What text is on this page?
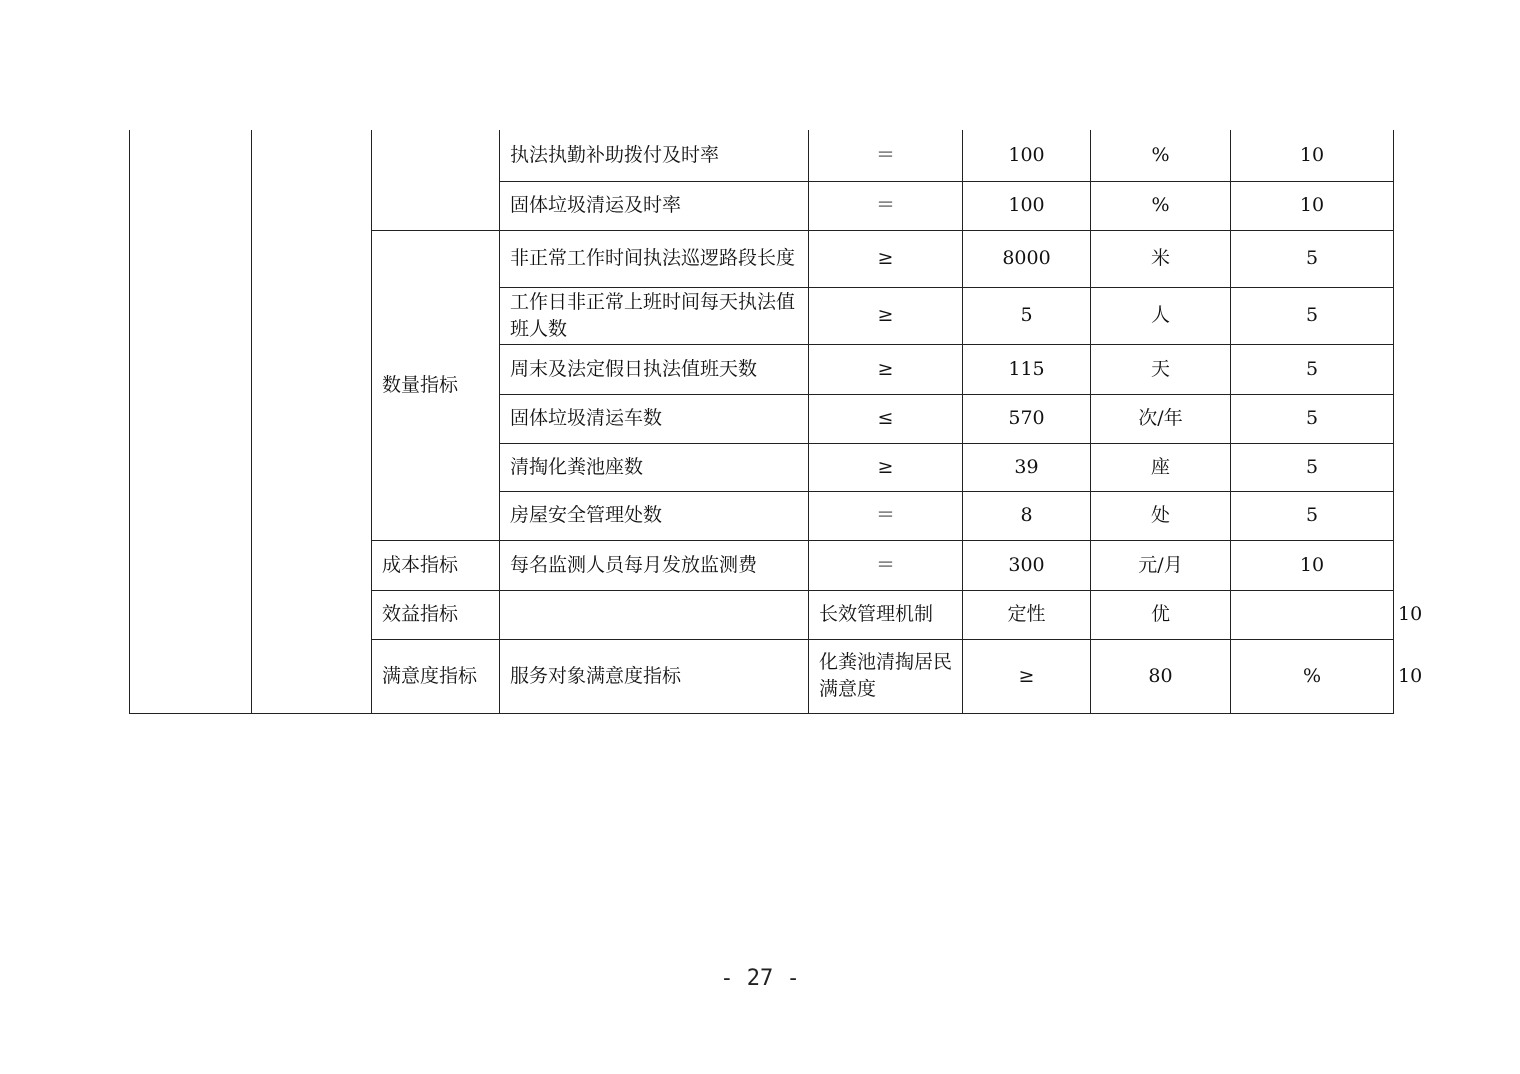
			执法执勤补助拨付及时率	＝	100	%	10	
			固体垃圾清运及时率	＝	100	%	10	
		数量指标	非正常工作时间执法巡逻路段长度	≥	8000	米	5	
			工作日非正常上班时间每天执法值班人数	≥	5	人	5	
			周末及法定假日执法值班天数	≥	115	天	5	
			固体垃圾清运车数	≤	570	次/年	5	
			清掏化粪池座数	≥	39	座	5	
			房屋安全管理处数	＝	8	处	5	
		成本指标	每名监测人员每月发放监测费	＝	300	元/月	10	
		效益指标		长效管理机制	定性	优		10
		满意度指标	服务对象满意度指标	化粪池清掏居民满意度	≥	80	%	10
- 27 -
